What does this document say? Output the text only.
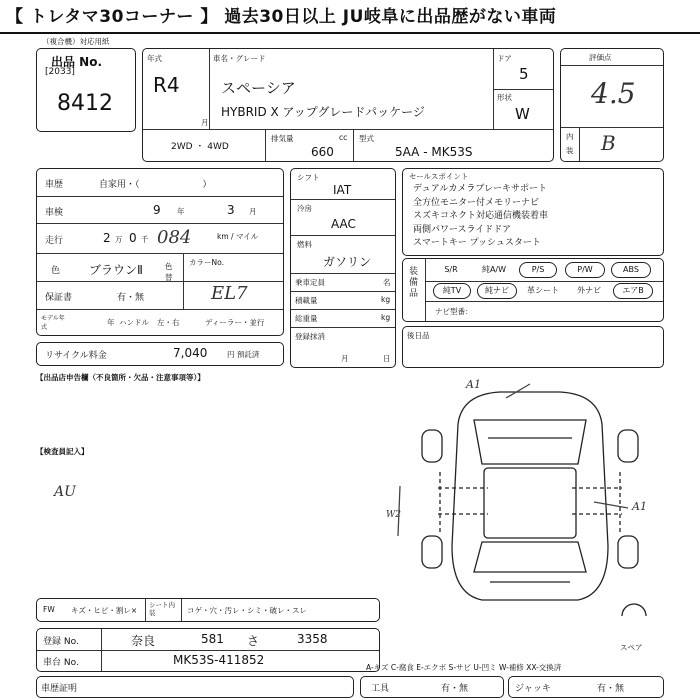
【 トレタマ30コーナー 】 過去30日以上 JU岐阜に出品歴がない車両
（複合機）対応用紙
出品 No.
[2033]
8412
年式
R4
月
車名・グレード
スペーシア
HYBRID X アップグレードパッケージ
ドア
5
形状
W
2WD ・ 4WD
排気量	cc
660
型式
5AA - MK53S
評価点
4.5
内
装 B
車歴	自家用・（　　　　　　　）
車検	9 年	3 月
走行	2 万 0 千 084	km / マイル
色 ブラウンⅡ	色替
カラーNo.
EL7
保証書	有・無
モデル年式
年 ハンドル 左・右	ディーラー・並行
リサイクル料金	7,040	円 預託済
シフト
IAT
冷房
AAC
燃料
ガソリン
乗車定員	名
積載量	kg
総重量	kg
登録抹消
月	日
セールスポイント
デュアルカメラブレーキサポート
全方位モニター付メモリーナビ
スズキコネクト対応通信機装着車
両側パワースライドドア
スマートキー プッシュスタート
装備品
S/R	純A/W	P/S	P/W	ABS
純TV	純ナビ	革シート	外ナビ	エアB
ナビ型番：
後日品
【出品店申告欄（不良箇所・欠品・注意事項等）】
【検査員記入】
AU
A1
A1
W2
スペア
FW キズ・ヒビ・割レ×
シート内装	コゲ・穴・汚レ・シミ・破レ・スレ
登録 No.	奈良	581 さ	3358
車台 No.	MK53S-411852
A-キズ C-腐食 E-エクボ S-サビ U-凹ミ W-補修 XX-交換済
車歴証明	工具	有・無	ジャッキ	有・無
